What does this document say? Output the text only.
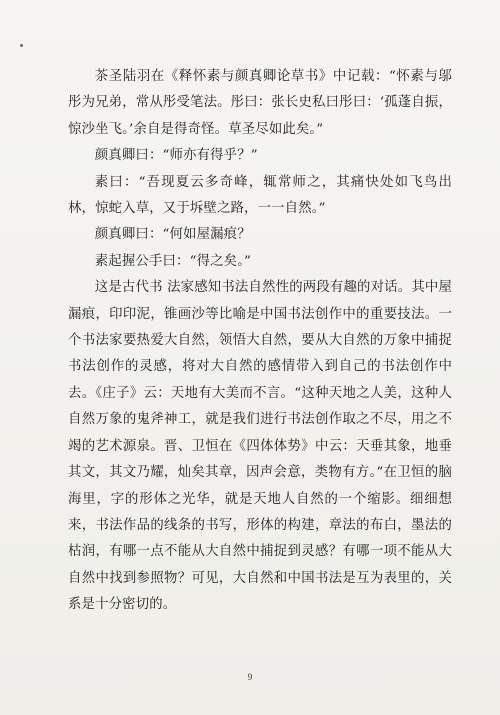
茶圣陆羽在《释怀素与颜真卿论草书》中记载：“怀素与邬彤为兄弟，常从彤受笔法。彤曰：张长史私曰彤曰：‘孤蓬自振，惊沙坐飞。’余自是得奇怪。草圣尽如此矣。”

颜真卿曰：“师亦有得乎？”

素曰：“吾现夏云多奇峰，辄常师之，其痛快处如飞鸟出林，惊蛇入草，又于坼壁之路，一一自然。”

颜真卿曰：“何如屋漏痕？

素起握公手曰：“得之矣。”

这是古代书 法家感知书法自然性的两段有趣的对话。其中屋漏痕，印印泥，锥画沙等比喻是中国书法创作中的重要技法。一个书法家要热爱大自然，领悟大自然，要从大自然的万象中捕捉书法创作的灵感，将对大自然的感情带入到自己的书法创作中去。《庄子》云：天地有大美而不言。“这种天地之人美，这种人自然万象的鬼斧神工，就是我们进行书法创作取之不尽，用之不竭的艺术源泉。晋、卫恒在《四体体势》中云：天垂其象，地垂其文，其文乃耀，灿矣其章，因声会意，类物有方。”在卫恒的脑海里，字的形体之光华，就是天地人自然的一个缩影。细细想来，书法作品的线条的书写，形体的构建，章法的布白，墨法的枯润，有哪一点不能从大自然中捕捉到灵感？有哪一项不能从大自然中找到参照物？可见，大自然和中国书法是互为表里的，关系是十分密切的。

9
